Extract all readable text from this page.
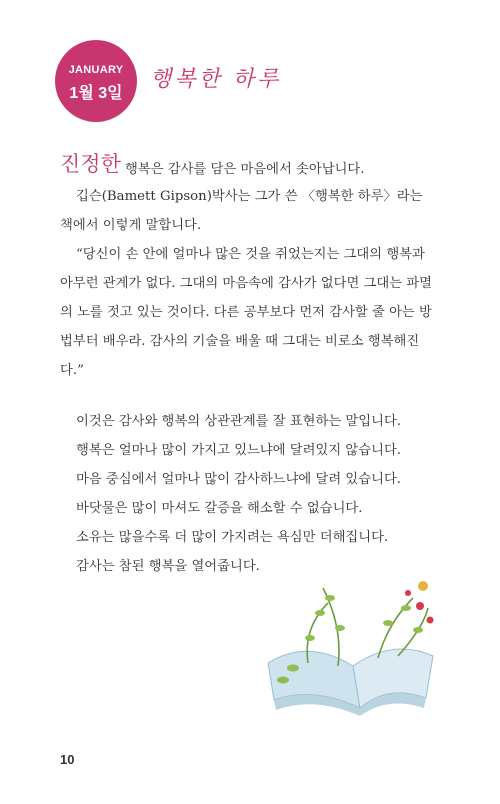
JANUARY
1월 3일
행복한 하루
진정한 행복은 감사를 담은 마음에서 솟아납니다.
깁슨(Bamett Gipson)박사는 그가 쓴 〈행복한 하루〉라는 책에서 이렇게 말합니다.
“당신이 손 안에 얼마나 많은 것을 쥐었는지는 그대의 행복과 아무런 관계가 없다. 그대의 마음속에 감사가 없다면 그대는 파멸의 노를 젓고 있는 것이다. 다른 공부보다 먼저 감사할 줄 아는 방법부터 배우라. 감사의 기술을 배울 때 그대는 비로소 행복해진다.”
이것은 감사와 행복의 상관관계를 잘 표현하는 말입니다.
행복은 얼마나 많이 가지고 있느냐에 달려있지 않습니다.
마음 중심에서 얼마나 많이 감사하느냐에 달려 있습니다.
바닷물은 많이 마셔도 갈증을 해소할 수 없습니다.
소유는 많을수록 더 많이 가지려는 욕심만 더해집니다.
감사는 참된 행복을 열어줍니다.
10
